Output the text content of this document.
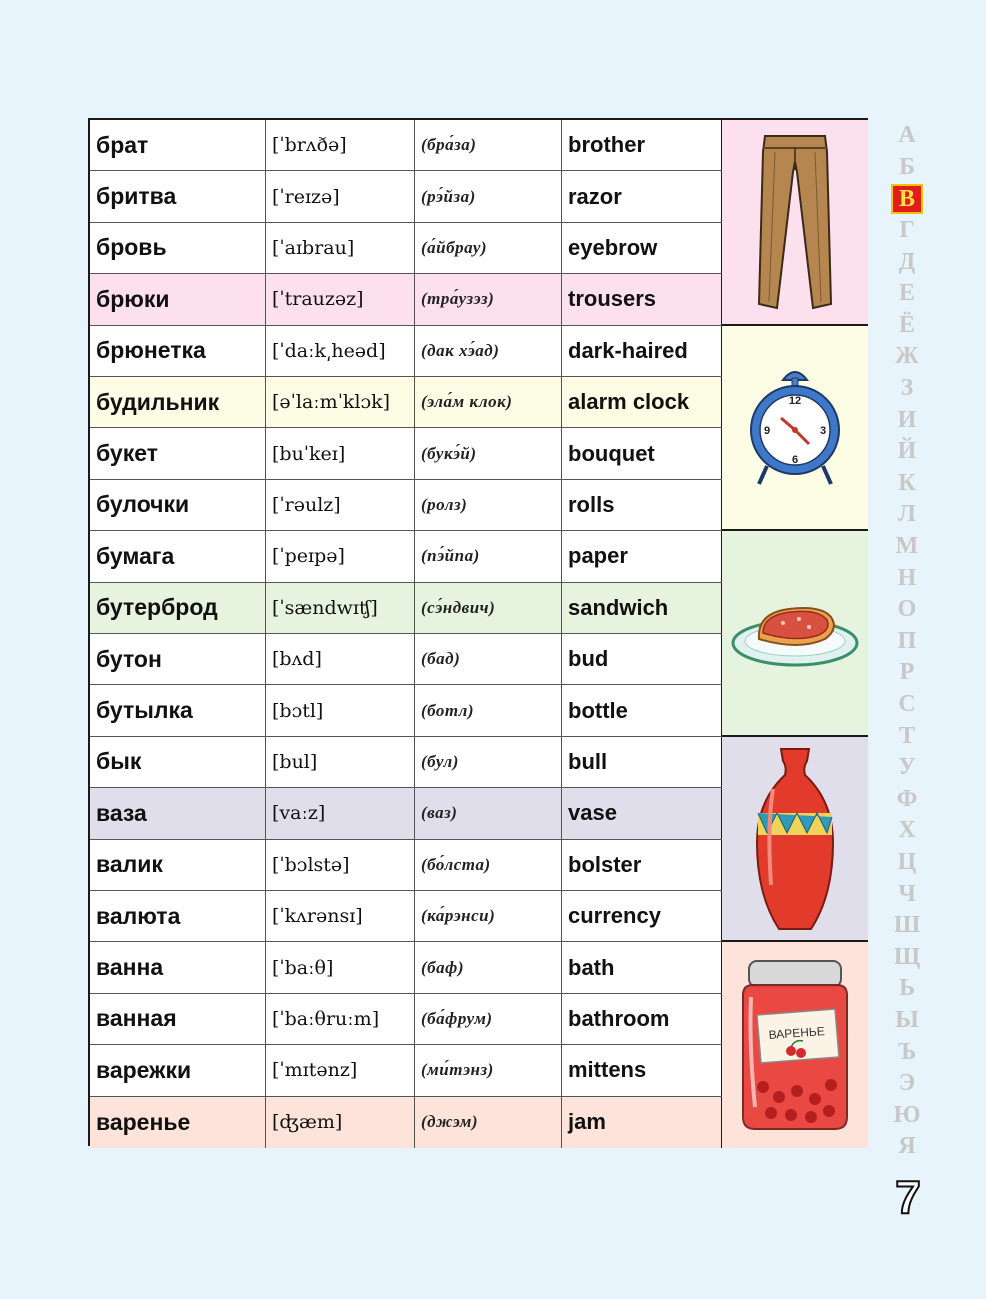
брат	[ˈbrʌðə]	(бра́за)	brother
бритва	[ˈreɪzə]	(рэ́йза)	razor
бровь	[ˈaɪbrau]	(а́йбрау)	eyebrow
брюки	[ˈtrauzəz]	(тра́узэз)	trousers
брюнетка	[ˈdaːk͵heəd]	(дак хэ́ад)	dark-haired
будильник	[əˈlaːmˈklɔk]	(эла́м клок)	alarm clock
букет	[buˈkeɪ]	(букэ́й)	bouquet
булочки	[ˈrəulz]	(ролз)	rolls
бумага	[ˈpeɪpə]	(пэ́йпа)	paper
бутерброд	[ˈsændwɪʧ]	(сэ́ндвич)	sandwich
бутон	[bʌd]	(бад)	bud
бутылка	[bɔtl]	(ботл)	bottle
бык	[bul]	(бул)	bull
ваза	[vaːz]	(ваз)	vase
валик	[ˈbɔlstə]	(бо́лста)	bolster
валюта	[ˈkʌrənsɪ]	(ка́рэнси)	currency
ванна	[ˈbaːθ]	(баф)	bath
ванная	[ˈbaːθruːm]	(ба́фрум)	bathroom
варежки	[ˈmɪtənz]	(ми́тэнз)	mittens
варенье	[ʤæm]	(джэм)	jam
12
3
6
9
ВАРЕНЬЕ
А
Б
В
Г
Д
Е
Ё
Ж
З
И
Й
К
Л
М
Н
О
П
Р
С
Т
У
Ф
Х
Ц
Ч
Ш
Щ
Ь
Ы
Ъ
Э
Ю
Я
7
